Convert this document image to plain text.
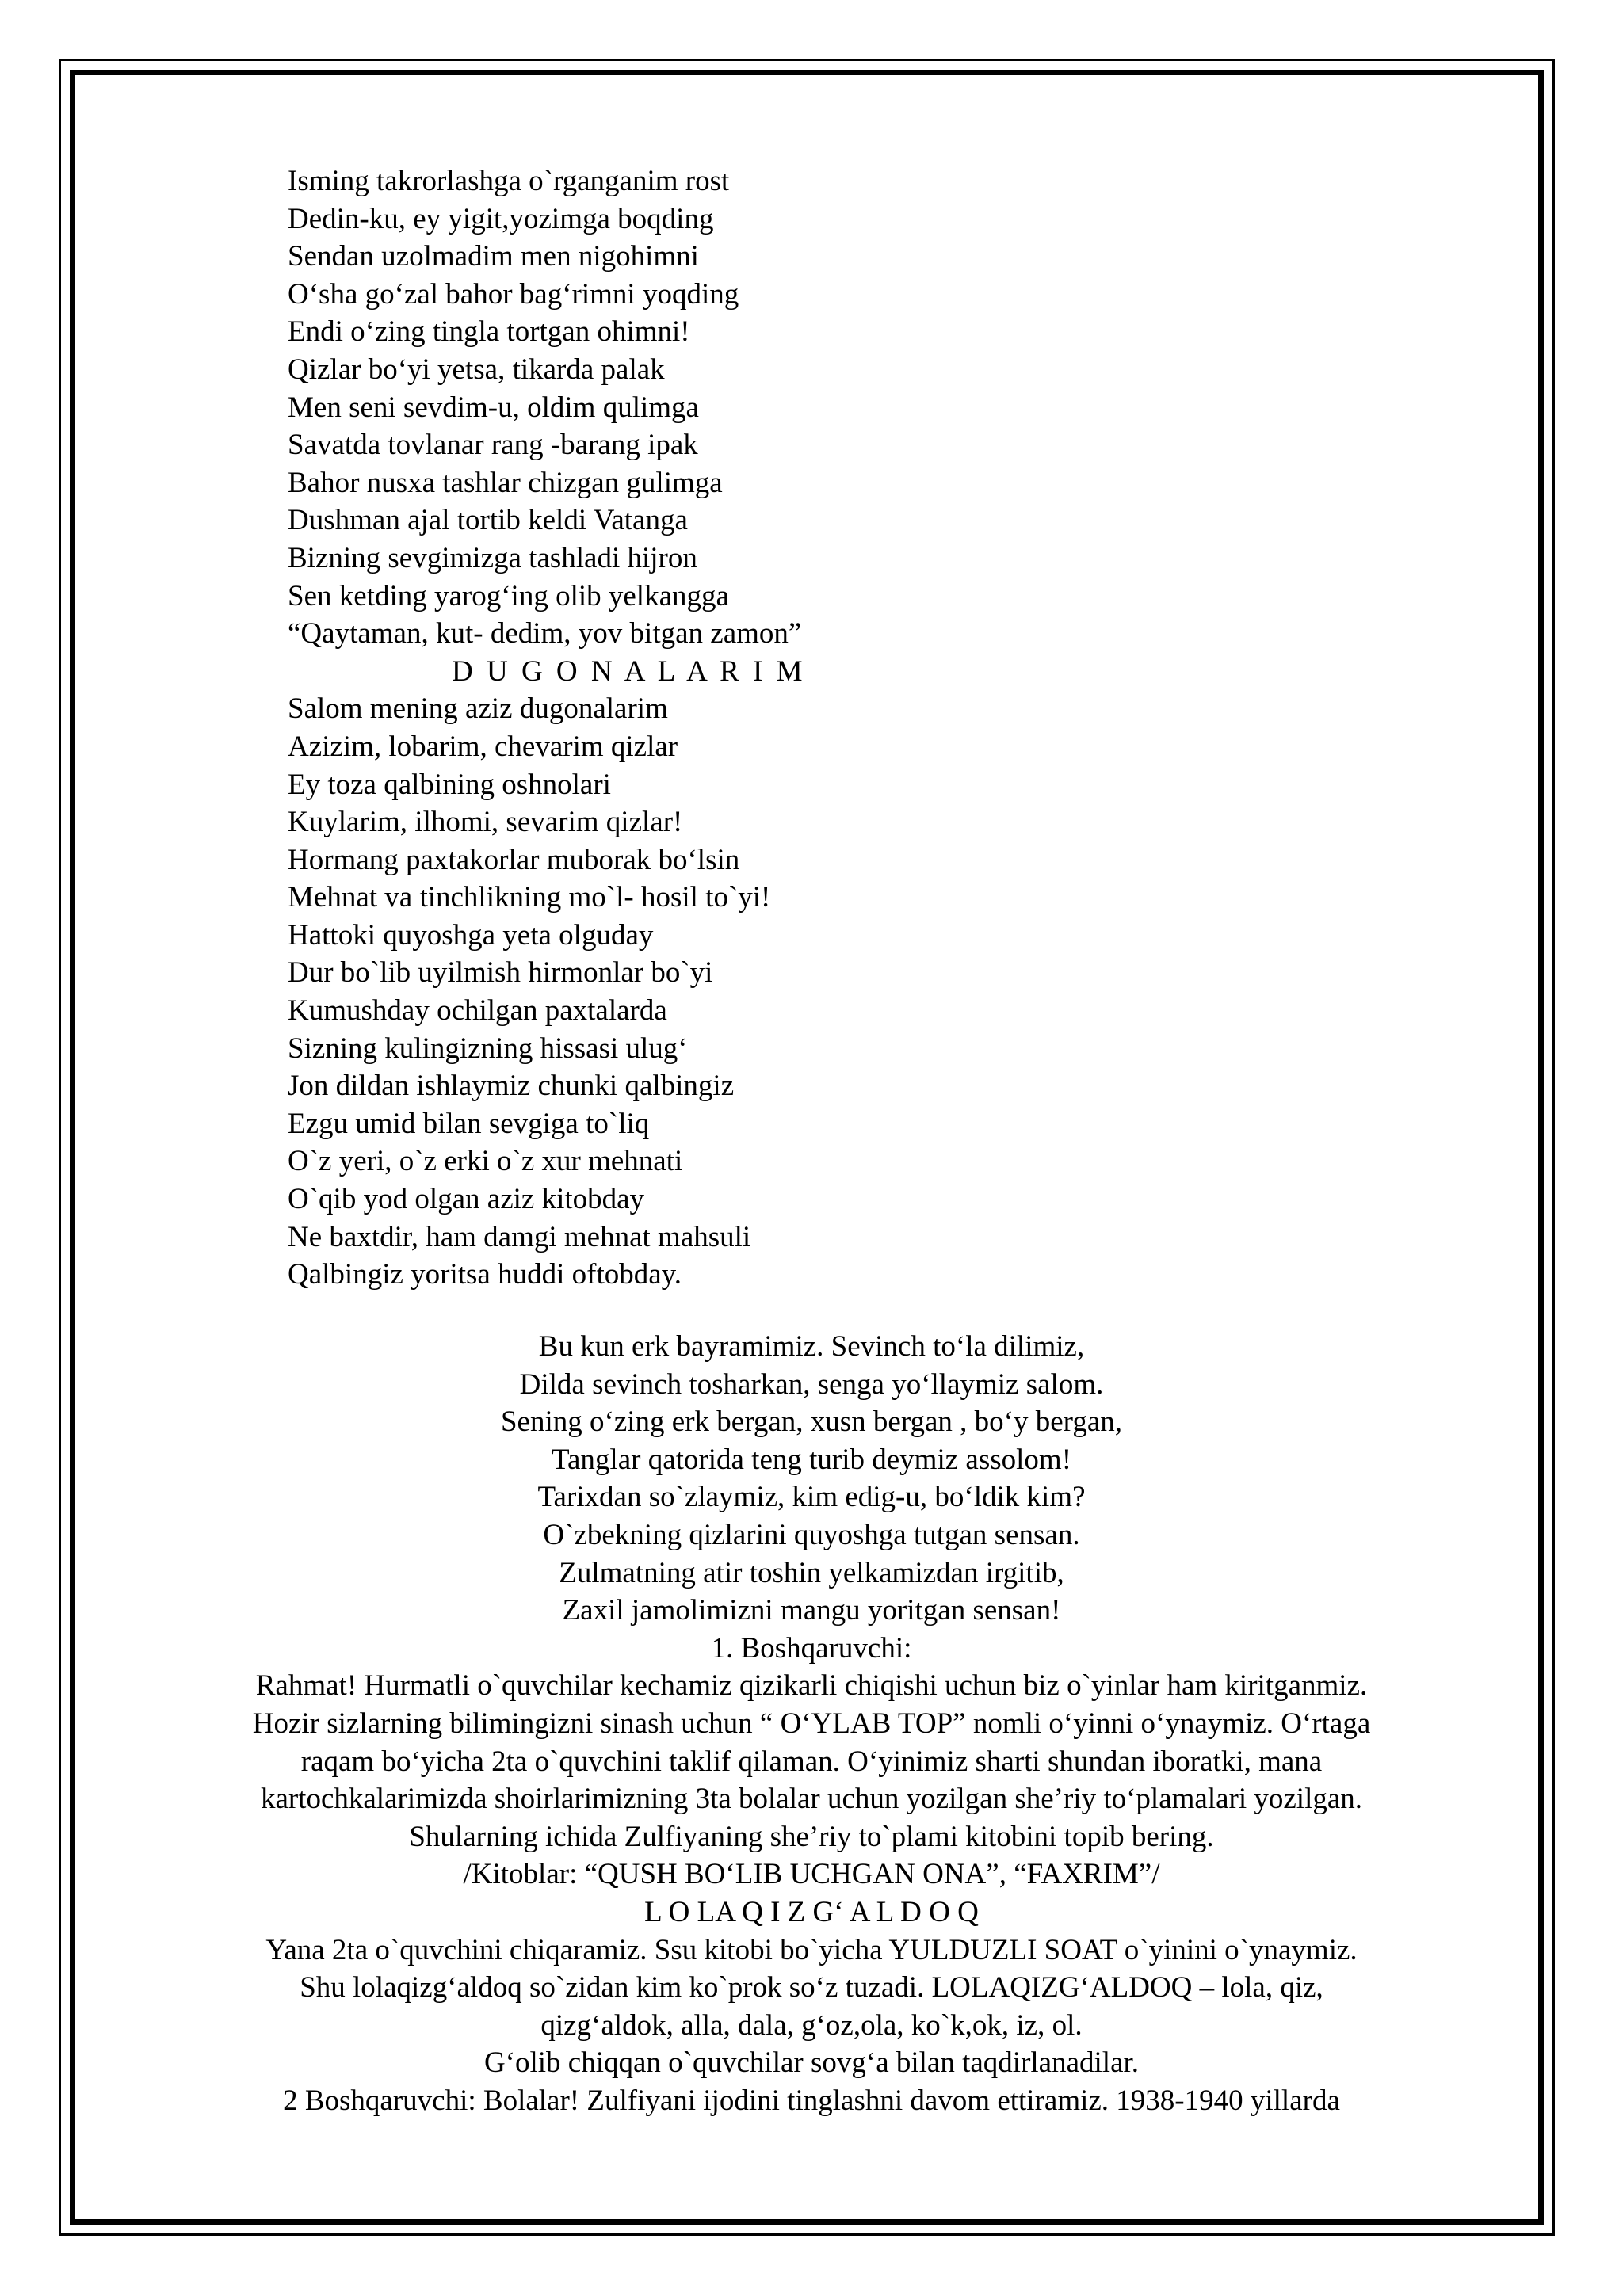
Isming takrorlashga o`rganganim rost
Dedin-ku, ey yigit,yozimga boqding
Sendan uzolmadim men nigohimni
O‘sha go‘zal bahor bag‘rimni yoqding
Endi o‘zing tingla tortgan ohimni!
Qizlar bo‘yi yetsa, tikarda palak
Men seni sevdim-u, oldim qulimga
Savatda tovlanar rang -barang ipak
Bahor nusxa tashlar chizgan gulimga
Dushman ajal tortib keldi Vatanga
Bizning sevgimizga tashladi hijron
Sen ketding yarog‘ing olib yelkangga
“Qaytaman, kut- dedim, yov bitgan zamon”
D U G O N A L A R I M
Salom mening aziz dugonalarim
Azizim, lobarim, chevarim qizlar
Ey toza qalbining oshnolari
Kuylarim, ilhomi, sevarim qizlar!
Hormang paxtakorlar muborak bo‘lsin
Mehnat va tinchlikning mo`l- hosil to`yi!
Hattoki quyoshga yeta olguday
Dur bo`lib uyilmish hirmonlar bo`yi
Kumushday ochilgan paxtalarda
Sizning kulingizning hissasi ulug‘
Jon dildan ishlaymiz chunki qalbingiz
Ezgu umid bilan sevgiga to`liq
O`z yeri, o`z erki o`z xur mehnati
O`qib yod olgan aziz kitobday
Ne baxtdir, ham damgi mehnat mahsuli
Qalbingiz yoritsa huddi oftobday.
Bu kun erk bayramimiz. Sevinch to‘la dilimiz,
Dilda sevinch tosharkan, senga yo‘llaymiz salom.
Sening o‘zing erk bergan, xusn bergan , bo‘y bergan,
Tanglar qatorida teng turib deymiz assolom!
Tarixdan so`zlaymiz, kim edig-u, bo‘ldik kim?
O`zbekning qizlarini quyoshga tutgan sensan.
Zulmatning atir toshin yelkamizdan irgitib,
Zaxil jamolimizni mangu yoritgan sensan!
1. Boshqaruvchi:
Rahmat! Hurmatli o`quvchilar kechamiz qizikarli chiqishi uchun biz o`yinlar ham kiritganmiz.
Hozir sizlarning bilimingizni sinash uchun “ O‘YLAB TOP” nomli o‘yinni o‘ynaymiz. O‘rtaga
raqam bo‘yicha 2ta o`quvchini taklif qilaman. O‘yinimiz sharti shundan iboratki, mana
kartochkalarimizda shoirlarimizning 3ta bolalar uchun yozilgan she’riy to‘plamalari yozilgan.
Shularning ichida Zulfiyaning she’riy to`plami kitobini topib bering.
/Kitoblar: “QUSH BO‘LIB UCHGAN ONA”, “FAXRIM”/
L O LA Q I Z G‘ A L D O Q
Yana 2ta o`quvchini chiqaramiz. Ssu kitobi bo`yicha YULDUZLI SOAT o`yinini o`ynaymiz.
Shu lolaqizg‘aldoq so`zidan kim ko`prok so‘z tuzadi. LOLAQIZG‘ALDOQ – lola, qiz,
qizg‘aldok, alla, dala, g‘oz,ola, ko`k,ok, iz, ol.
G‘olib chiqqan o`quvchilar sovg‘a bilan taqdirlanadilar.
2 Boshqaruvchi: Bolalar! Zulfiyani ijodini tinglashni davom ettiramiz. 1938-1940 yillarda
